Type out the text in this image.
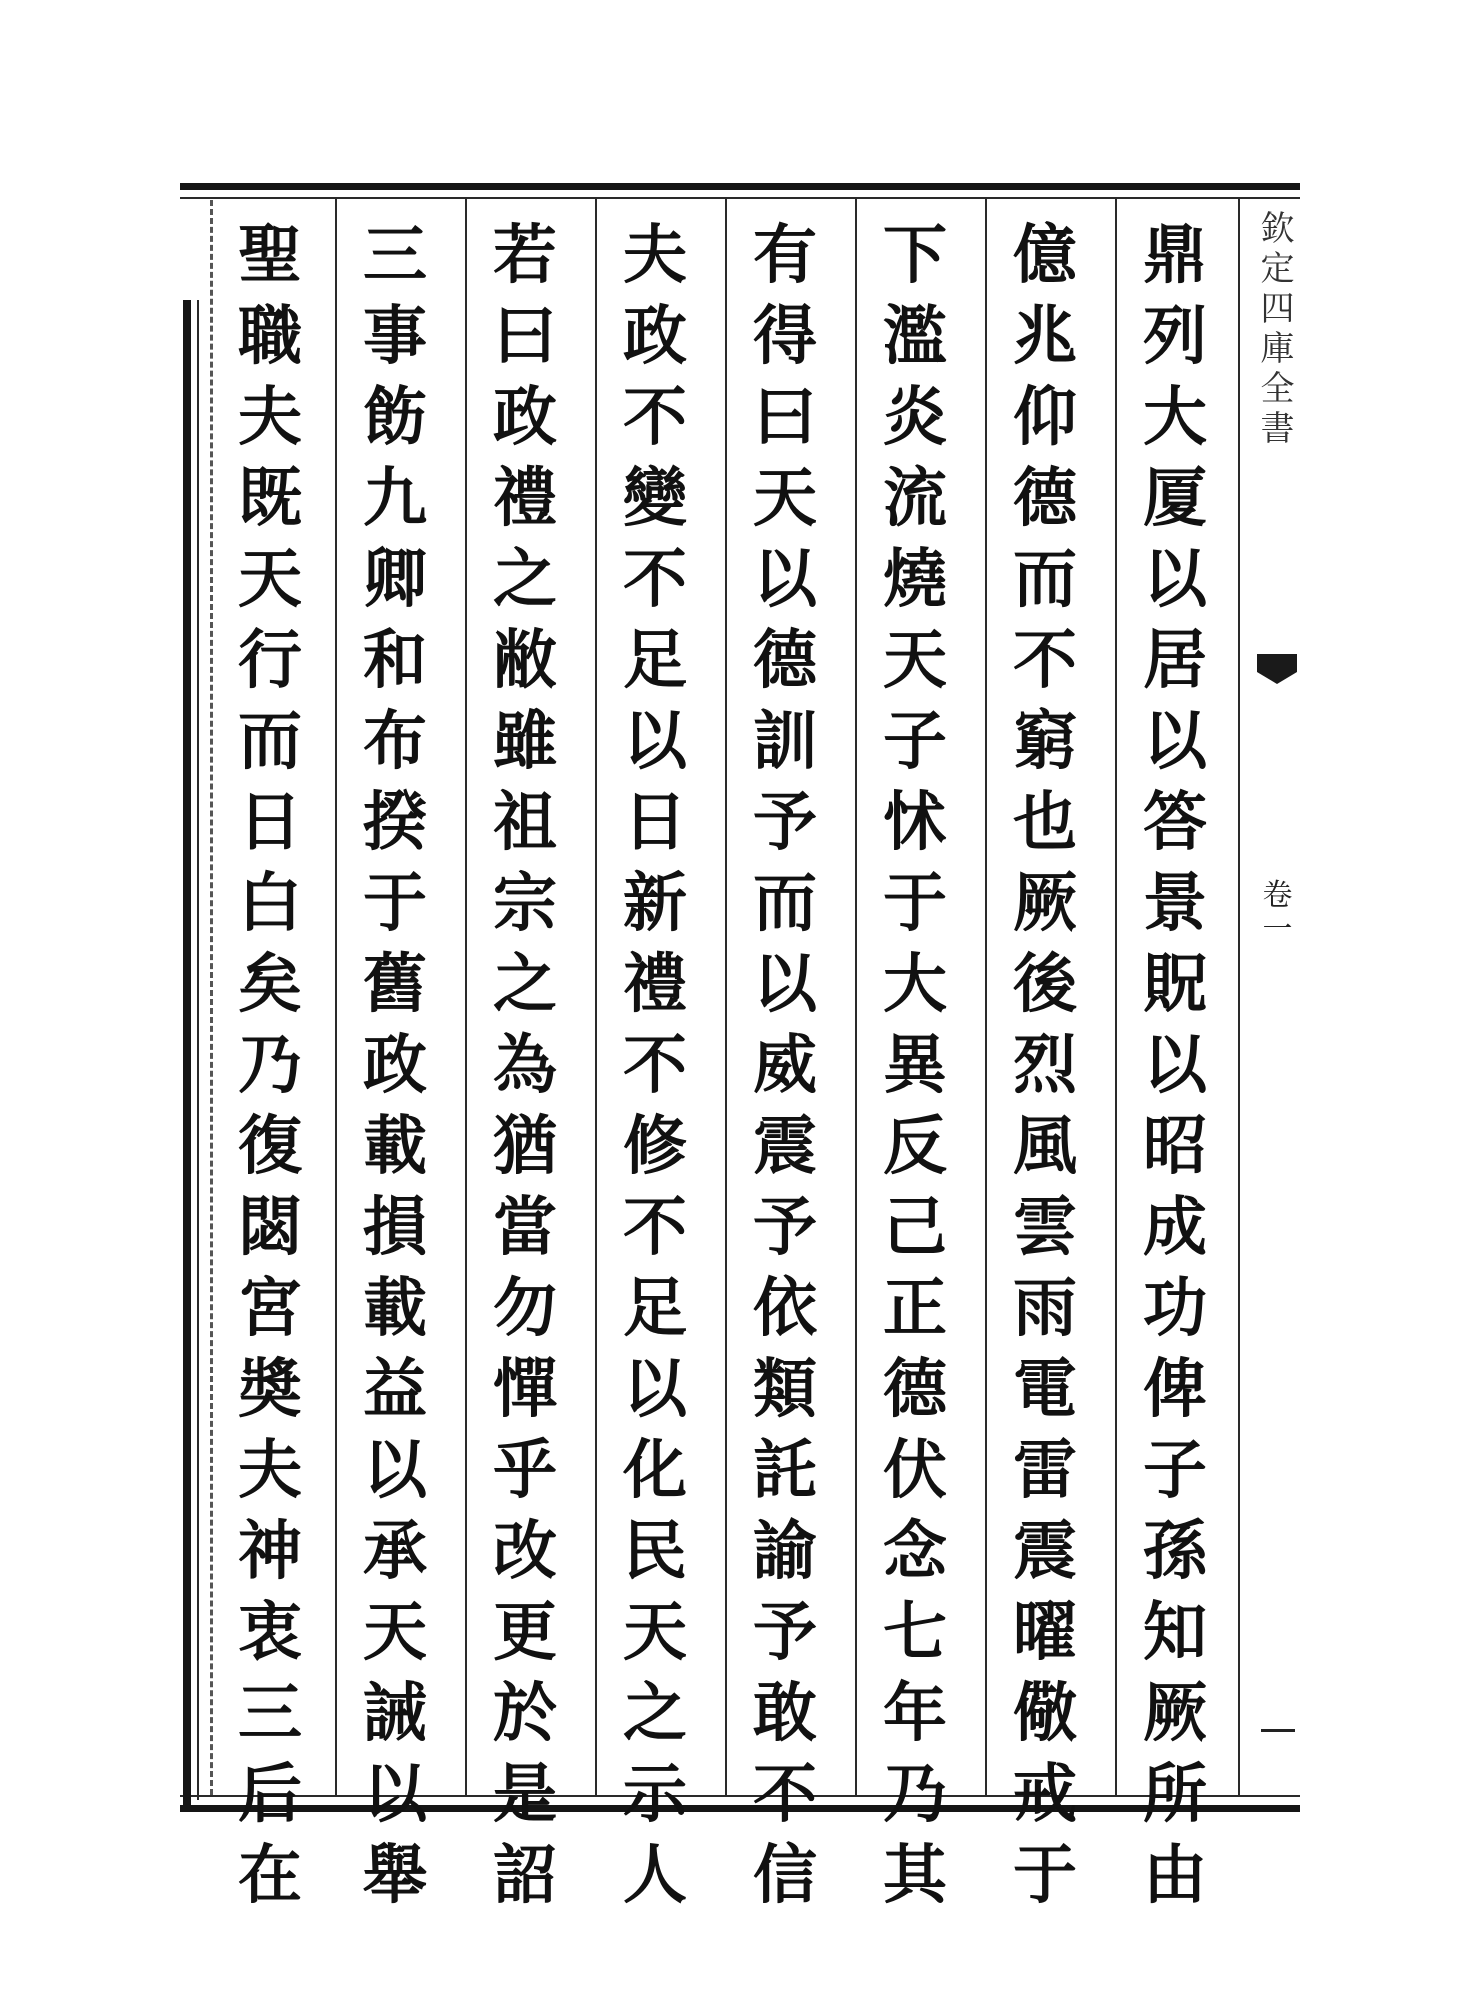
欽
定
四
庫
全
書
卷
一
鼎
列
大
厦
以
居
以
答
景
貺
以
昭
成
功
俾
子
孫
知
厥
所
由
億
兆
仰
德
而
不
窮
也
厥
後
烈
風
雲
雨
電
雷
震
曜
儆
戒
于
下
濫
炎
流
燒
天
子
怵
于
大
異
反
己
正
德
伏
念
七
年
乃
其
有
得
曰
天
以
德
訓
予
而
以
威
震
予
依
類
託
諭
予
敢
不
信
夫
政
不
變
不
足
以
日
新
禮
不
修
不
足
以
化
民
天
之
示
人
若
曰
政
禮
之
敝
雖
祖
宗
之
為
猶
當
勿
憚
乎
改
更
於
是
詔
三
事
飭
九
卿
和
布
揆
于
舊
政
載
損
載
益
以
承
天
誡
以
舉
聖
職
夫
既
天
行
而
日
白
矣
乃
復
閟
宮
奬
夫
神
衷
三
后
在
